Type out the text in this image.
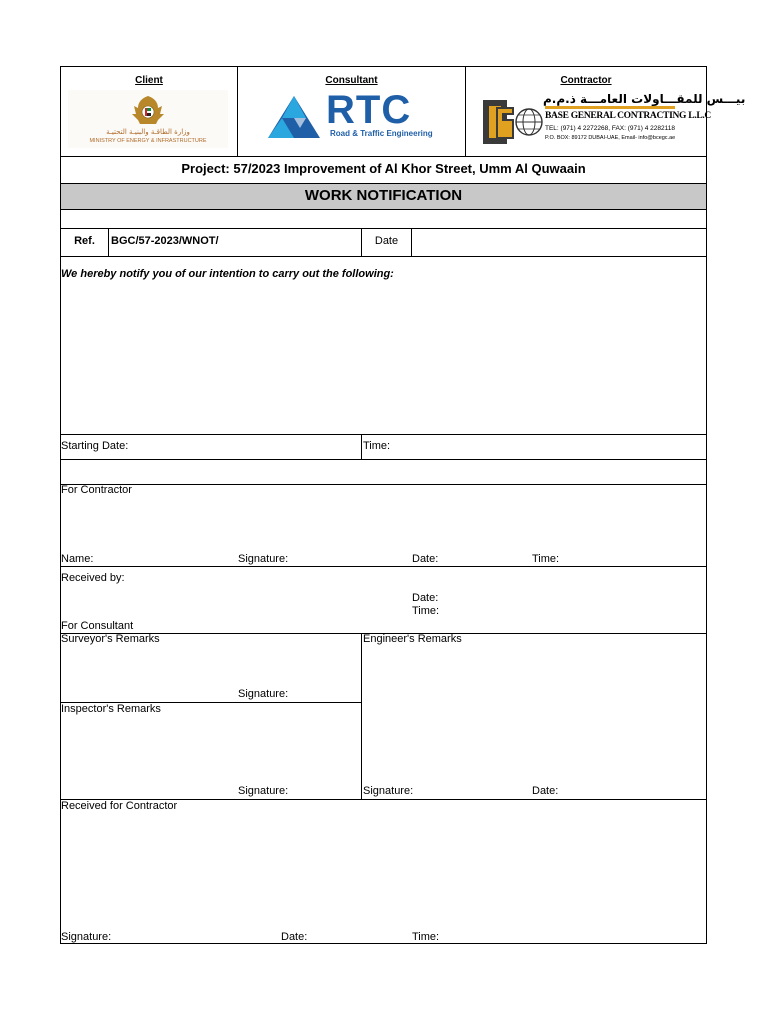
Client	Consultant	Contractor
وزارة الطاقـة والبنيـة التحتيـة
MINISTRY OF ENERGY & INFRASTRUCTURE
RTC
Road & Traffic Engineering
بيـــس للمقـــاولات العامـــة ذ.م.م
BASE GENERAL CONTRACTING L.L.C
TEL: (971) 4 2272268, FAX: (971) 4 2282118
P.O. BOX: 89172 DUBAI-UAE, Email- info@bcegc.ae
Project: 57/2023 Improvement of Al Khor Street, Umm Al Quwaain
WORK NOTIFICATION
Ref.	BGC/57-2023/WNOT/	Date
We hereby notify you of our intention to carry out the following:
Starting Date:	Time:
For Contractor
Name:	Signature:	Date:	Time:
Received by:
Date:
Time:
For Consultant
Surveyor's Remarks	Engineer's Remarks
Signature:
Inspector's Remarks
Signature:	Signature:	Date:
Received for Contractor
Signature:	Date:	Time:
